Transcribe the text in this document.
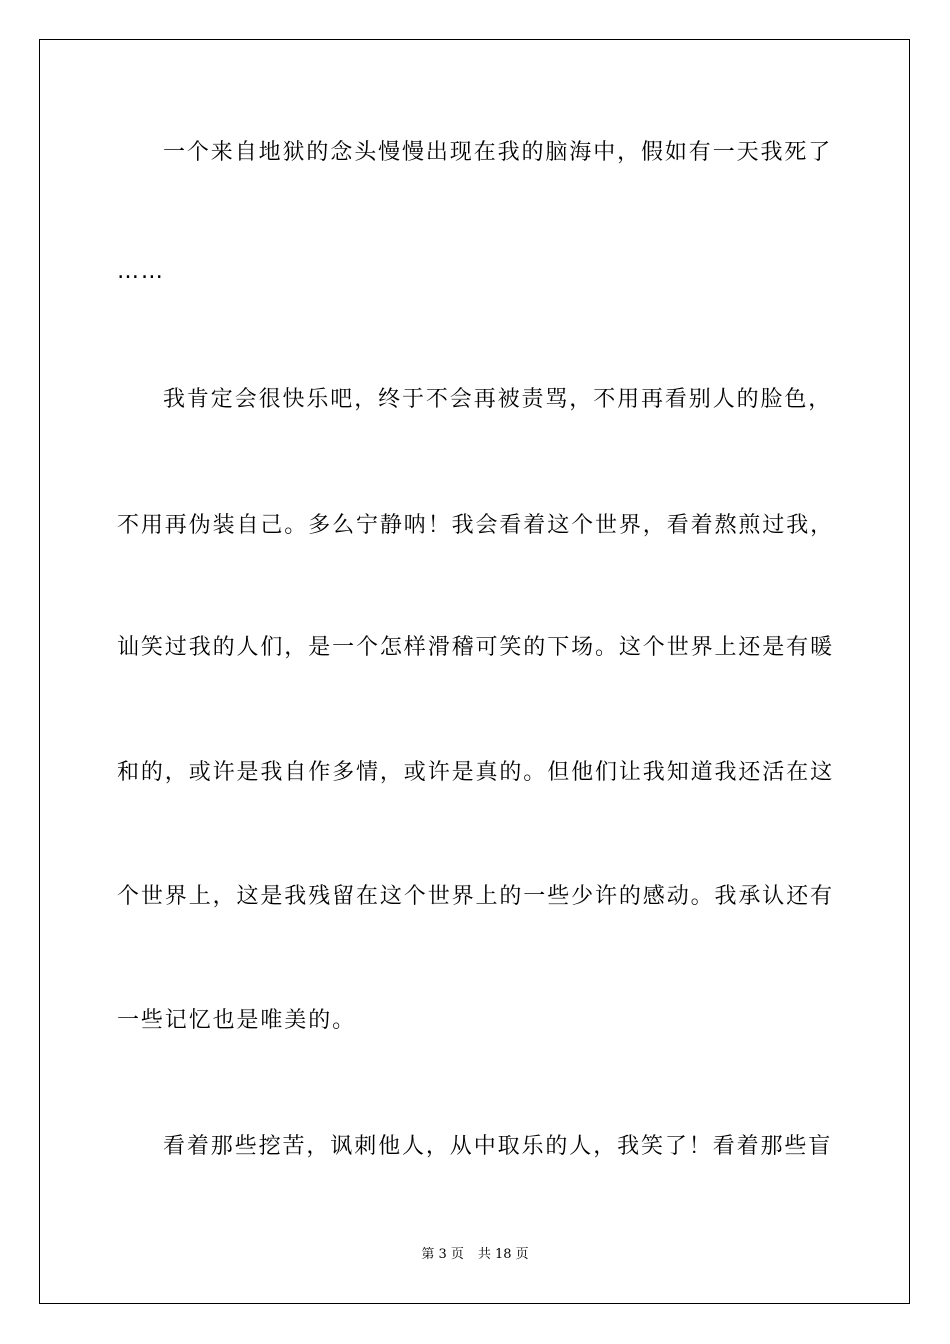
一个来自地狱的念头慢慢出现在我的脑海中，假如有一天我死了
……
我肯定会很快乐吧，终于不会再被责骂，不用再看别人的脸色，
不用再伪装自己。多么宁静呐！我会看着这个世界，看着熬煎过我，
讪笑过我的人们，是一个怎样滑稽可笑的下场。这个世界上还是有暖
和的，或许是我自作多情，或许是真的。但他们让我知道我还活在这
个世界上，这是我残留在这个世界上的一些少许的感动。我承认还有
一些记忆也是唯美的。
看着那些挖苦，讽刺他人，从中取乐的人，我笑了！看着那些盲
第 3 页 共 18 页
